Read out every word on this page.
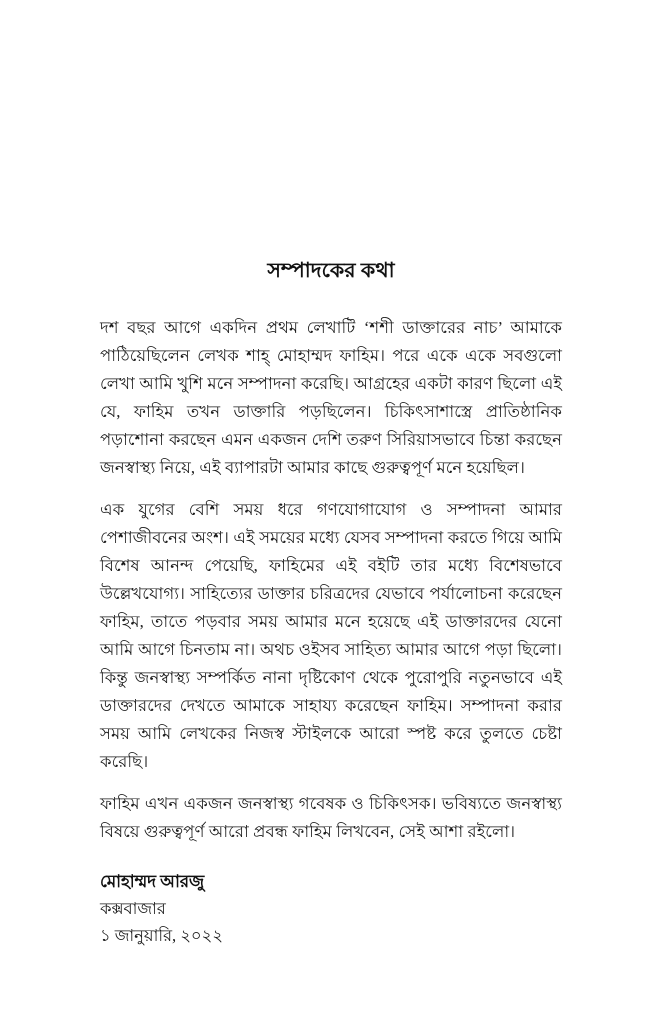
সম্পাদকের কথা

দশ বছর আগে একদিন প্রথম লেখাটি ‘শশী ডাক্তারের নাচ’ আমাকে পাঠিয়েছিলেন লেখক শাহ্ মোহাম্মদ ফাহিম। পরে একে একে সবগুলো লেখা আমি খুশি মনে সম্পাদনা করেছি। আগ্রহের একটা কারণ ছিলো এই যে, ফাহিম তখন ডাক্তারি পড়ছিলেন। চিকিৎসাশাস্ত্রে প্রাতিষ্ঠানিক পড়াশোনা করছেন এমন একজন দেশি তরুণ সিরিয়াসভাবে চিন্তা করছেন জনস্বাস্থ্য নিয়ে, এই ব্যাপারটা আমার কাছে গুরুত্বপূর্ণ মনে হয়েছিল।

এক যুগের বেশি সময় ধরে গণযোগাযোগ ও সম্পাদনা আমার পেশাজীবনের অংশ। এই সময়ের মধ্যে যেসব সম্পাদনা করতে গিয়ে আমি বিশেষ আনন্দ পেয়েছি, ফাহিমের এই বইটি তার মধ্যে বিশেষভাবে উল্লেখযোগ্য। সাহিত্যের ডাক্তার চরিত্রদের যেভাবে পর্যালোচনা করেছেন ফাহিম, তাতে পড়বার সময় আমার মনে হয়েছে এই ডাক্তারদের যেনো আমি আগে চিনতাম না। অথচ ওইসব সাহিত্য আমার আগে পড়া ছিলো। কিন্তু জনস্বাস্থ্য সম্পর্কিত নানা দৃষ্টিকোণ থেকে পুরোপুরি নতুনভাবে এই ডাক্তারদের দেখতে আমাকে সাহায্য করেছেন ফাহিম। সম্পাদনা করার সময় আমি লেখকের নিজস্ব স্টাইলকে আরো স্পষ্ট করে তুলতে চেষ্টা করেছি।

ফাহিম এখন একজন জনস্বাস্থ্য গবেষক ও চিকিৎসক। ভবিষ্যতে জনস্বাস্থ্য বিষয়ে গুরুত্বপূর্ণ আরো প্রবন্ধ ফাহিম লিখবেন, সেই আশা রইলো।

মোহাম্মদ আরজু

কক্সবাজার

১ জানুয়ারি, ২০২২
